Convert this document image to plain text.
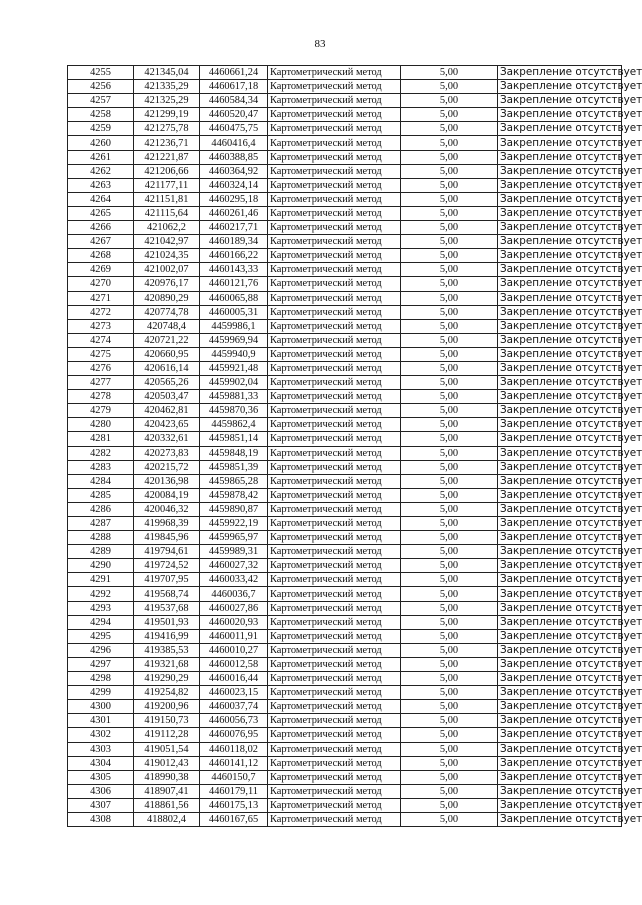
83
4255	421345,04	4460661,24	Картометрический метод	5,00	Закрепление отсутствует
4256	421335,29	4460617,18	Картометрический метод	5,00	Закрепление отсутствует
4257	421325,29	4460584,34	Картометрический метод	5,00	Закрепление отсутствует
4258	421299,19	4460520,47	Картометрический метод	5,00	Закрепление отсутствует
4259	421275,78	4460475,75	Картометрический метод	5,00	Закрепление отсутствует
4260	421236,71	4460416,4	Картометрический метод	5,00	Закрепление отсутствует
4261	421221,87	4460388,85	Картометрический метод	5,00	Закрепление отсутствует
4262	421206,66	4460364,92	Картометрический метод	5,00	Закрепление отсутствует
4263	421177,11	4460324,14	Картометрический метод	5,00	Закрепление отсутствует
4264	421151,81	4460295,18	Картометрический метод	5,00	Закрепление отсутствует
4265	421115,64	4460261,46	Картометрический метод	5,00	Закрепление отсутствует
4266	421062,2	4460217,71	Картометрический метод	5,00	Закрепление отсутствует
4267	421042,97	4460189,34	Картометрический метод	5,00	Закрепление отсутствует
4268	421024,35	4460166,22	Картометрический метод	5,00	Закрепление отсутствует
4269	421002,07	4460143,33	Картометрический метод	5,00	Закрепление отсутствует
4270	420976,17	4460121,76	Картометрический метод	5,00	Закрепление отсутствует
4271	420890,29	4460065,88	Картометрический метод	5,00	Закрепление отсутствует
4272	420774,78	4460005,31	Картометрический метод	5,00	Закрепление отсутствует
4273	420748,4	4459986,1	Картометрический метод	5,00	Закрепление отсутствует
4274	420721,22	4459969,94	Картометрический метод	5,00	Закрепление отсутствует
4275	420660,95	4459940,9	Картометрический метод	5,00	Закрепление отсутствует
4276	420616,14	4459921,48	Картометрический метод	5,00	Закрепление отсутствует
4277	420565,26	4459902,04	Картометрический метод	5,00	Закрепление отсутствует
4278	420503,47	4459881,33	Картометрический метод	5,00	Закрепление отсутствует
4279	420462,81	4459870,36	Картометрический метод	5,00	Закрепление отсутствует
4280	420423,65	4459862,4	Картометрический метод	5,00	Закрепление отсутствует
4281	420332,61	4459851,14	Картометрический метод	5,00	Закрепление отсутствует
4282	420273,83	4459848,19	Картометрический метод	5,00	Закрепление отсутствует
4283	420215,72	4459851,39	Картометрический метод	5,00	Закрепление отсутствует
4284	420136,98	4459865,28	Картометрический метод	5,00	Закрепление отсутствует
4285	420084,19	4459878,42	Картометрический метод	5,00	Закрепление отсутствует
4286	420046,32	4459890,87	Картометрический метод	5,00	Закрепление отсутствует
4287	419968,39	4459922,19	Картометрический метод	5,00	Закрепление отсутствует
4288	419845,96	4459965,97	Картометрический метод	5,00	Закрепление отсутствует
4289	419794,61	4459989,31	Картометрический метод	5,00	Закрепление отсутствует
4290	419724,52	4460027,32	Картометрический метод	5,00	Закрепление отсутствует
4291	419707,95	4460033,42	Картометрический метод	5,00	Закрепление отсутствует
4292	419568,74	4460036,7	Картометрический метод	5,00	Закрепление отсутствует
4293	419537,68	4460027,86	Картометрический метод	5,00	Закрепление отсутствует
4294	419501,93	4460020,93	Картометрический метод	5,00	Закрепление отсутствует
4295	419416,99	4460011,91	Картометрический метод	5,00	Закрепление отсутствует
4296	419385,53	4460010,27	Картометрический метод	5,00	Закрепление отсутствует
4297	419321,68	4460012,58	Картометрический метод	5,00	Закрепление отсутствует
4298	419290,29	4460016,44	Картометрический метод	5,00	Закрепление отсутствует
4299	419254,82	4460023,15	Картометрический метод	5,00	Закрепление отсутствует
4300	419200,96	4460037,74	Картометрический метод	5,00	Закрепление отсутствует
4301	419150,73	4460056,73	Картометрический метод	5,00	Закрепление отсутствует
4302	419112,28	4460076,95	Картометрический метод	5,00	Закрепление отсутствует
4303	419051,54	4460118,02	Картометрический метод	5,00	Закрепление отсутствует
4304	419012,43	4460141,12	Картометрический метод	5,00	Закрепление отсутствует
4305	418990,38	4460150,7	Картометрический метод	5,00	Закрепление отсутствует
4306	418907,41	4460179,11	Картометрический метод	5,00	Закрепление отсутствует
4307	418861,56	4460175,13	Картометрический метод	5,00	Закрепление отсутствует
4308	418802,4	4460167,65	Картометрический метод	5,00	Закрепление отсутствует
